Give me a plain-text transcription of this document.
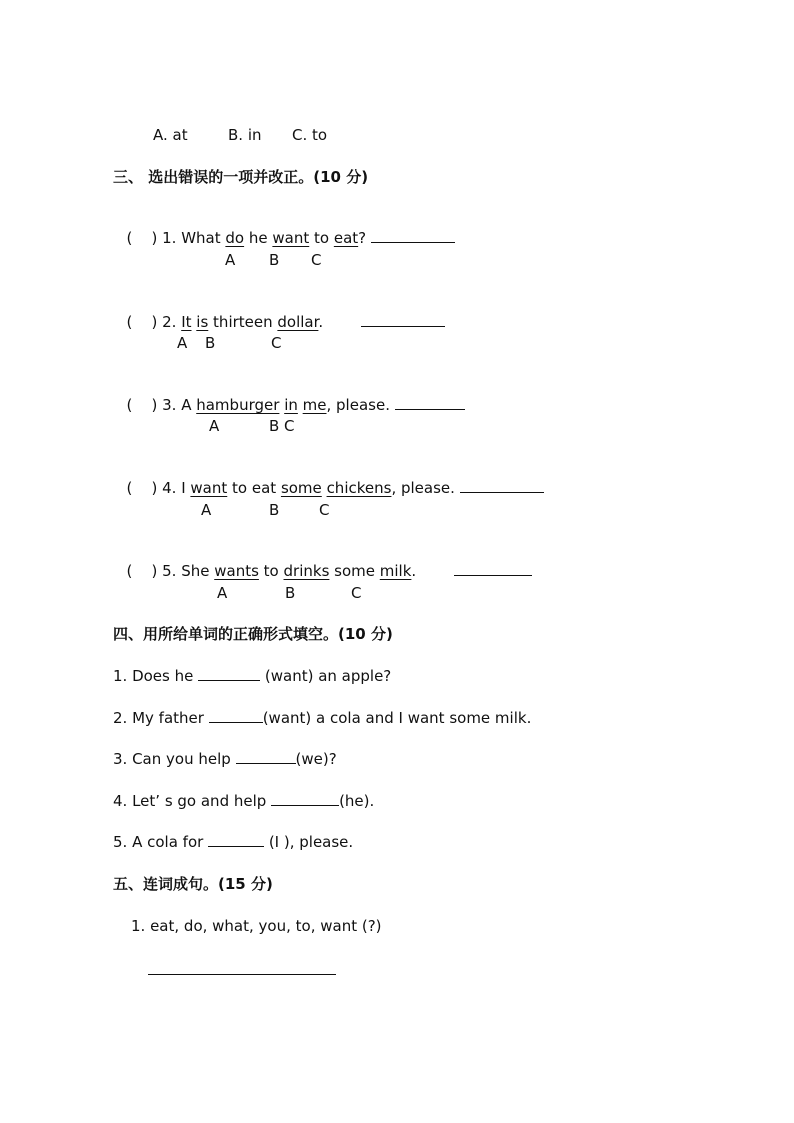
A. at	B. in C. to
三、 选出错误的一项并改正。(10 分)

(    ) 1. What do he want to eat?

A B C

(    ) 2. It is thirteen dollar.

A B	C

(    ) 3. A hamburger in me, please.

A	B C

(    ) 4. I want to eat some chickens, please.

A	B	C

(    ) 5. She wants to drinks some milk.

A	B	C
四、用所给单词的正确形式填空。(10 分)
1. Does he	(want) an apple?
2. My father	(want) a cola and I want some milk.
3. Can you help	(we)?
4. Let’ s go and help	(he).
5. A cola for	(I ), please.
五、连词成句。(15 分)
1. eat, do, what, you, to, want (?)
